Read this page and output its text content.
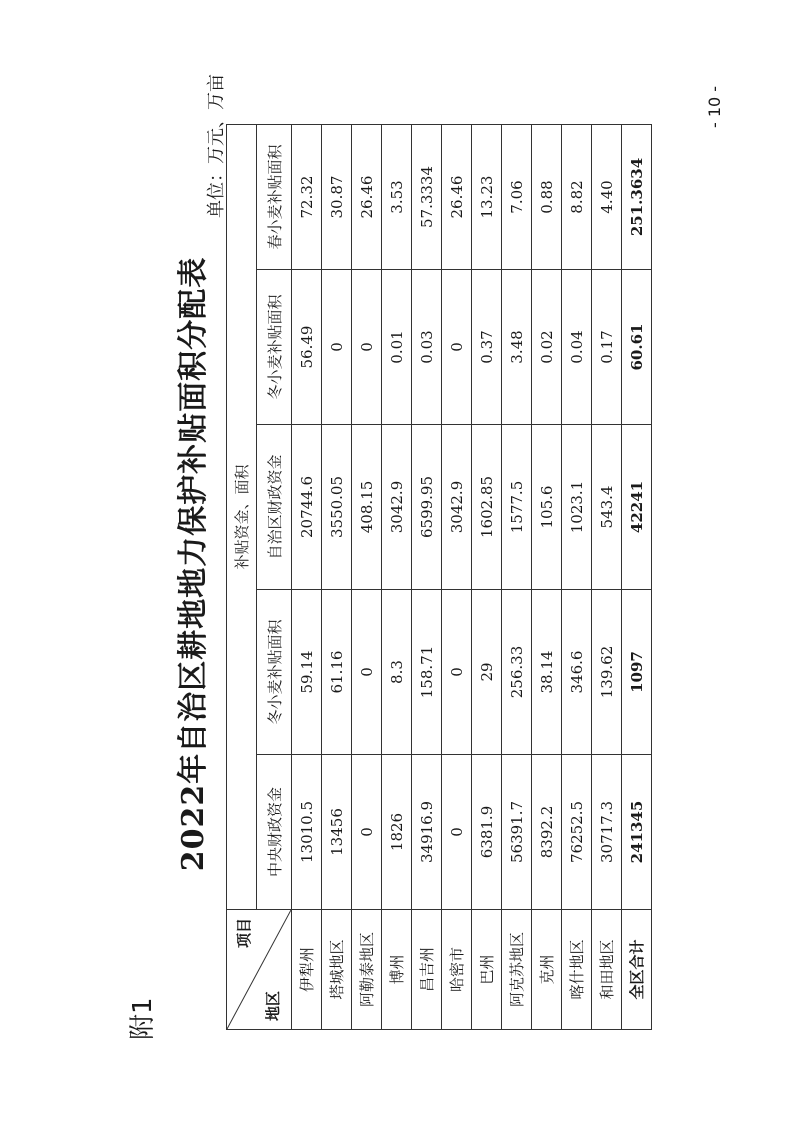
附1
2022年自治区耕地地力保护补贴面积分配表
单位：万元、万亩
项目
地区	补贴资金、面积				
	中央财政资金	冬小麦补贴面积	自治区财政资金	冬小麦补贴面积	春小麦补贴面积
伊犁州	13010.5	59.14	20744.6	56.49	72.32
塔城地区	13456	61.16	3550.05	0	30.87
阿勒泰地区	0	0	408.15	0	26.46
博州	1826	8.3	3042.9	0.01	3.53
昌吉州	34916.9	158.71	6599.95	0.03	57.3334
哈密市	0	0	3042.9	0	26.46
巴州	6381.9	29	1602.85	0.37	13.23
阿克苏地区	56391.7	256.33	1577.5	3.48	7.06
克州	8392.2	38.14	105.6	0.02	0.88
喀什地区	76252.5	346.6	1023.1	0.04	8.82
和田地区	30717.3	139.62	543.4	0.17	4.40
全区合计	241345	1097	42241	60.61	251.3634
- 10 -
